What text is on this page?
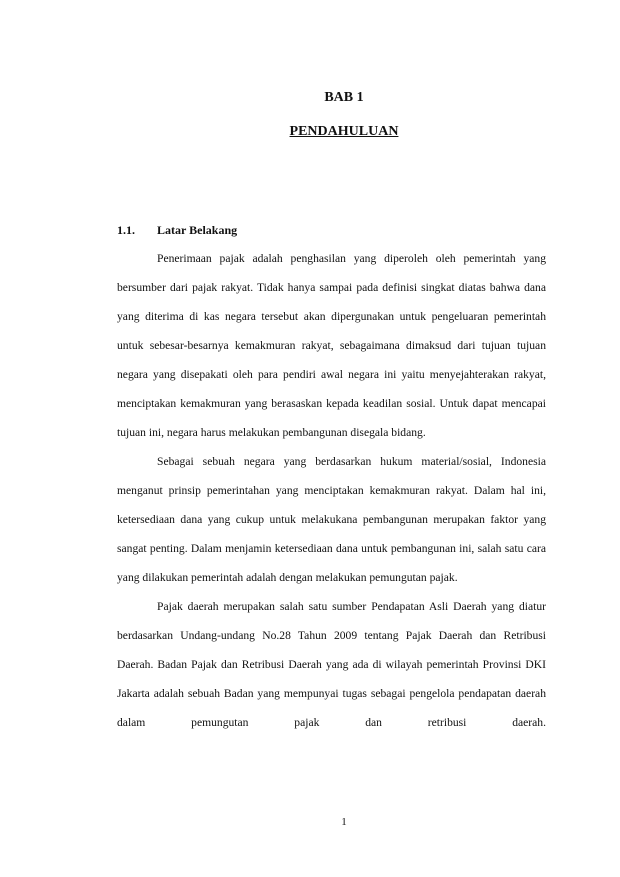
BAB 1
PENDAHULUAN
1.1.	Latar Belakang

Penerimaan pajak adalah penghasilan yang diperoleh oleh pemerintah yang bersumber dari pajak rakyat. Tidak hanya sampai pada definisi singkat diatas bahwa dana yang diterima di kas negara tersebut akan dipergunakan untuk pengeluaran pemerintah untuk sebesar-besarnya kemakmuran rakyat, sebagaimana dimaksud dari tujuan tujuan negara yang disepakati oleh para pendiri awal negara ini yaitu menyejahterakan rakyat, menciptakan kemakmuran yang berasaskan kepada keadilan sosial. Untuk dapat mencapai tujuan ini, negara harus melakukan pembangunan disegala bidang.

Sebagai sebuah negara yang berdasarkan hukum material/sosial, Indonesia menganut prinsip pemerintahan yang menciptakan kemakmuran rakyat. Dalam hal ini, ketersediaan dana yang cukup untuk melakukana pembangunan merupakan faktor yang sangat penting. Dalam menjamin ketersediaan dana untuk pembangunan ini, salah satu cara yang dilakukan pemerintah adalah dengan melakukan pemungutan pajak.

Pajak daerah merupakan salah satu sumber Pendapatan Asli Daerah yang diatur berdasarkan Undang-undang No.28 Tahun 2009 tentang Pajak Daerah dan Retribusi Daerah. Badan Pajak dan Retribusi Daerah yang ada di wilayah pemerintah Provinsi DKI Jakarta adalah sebuah Badan yang mempunyai tugas sebagai pengelola pendapatan daerah dalam pemungutan pajak dan retribusi daerah.

1
